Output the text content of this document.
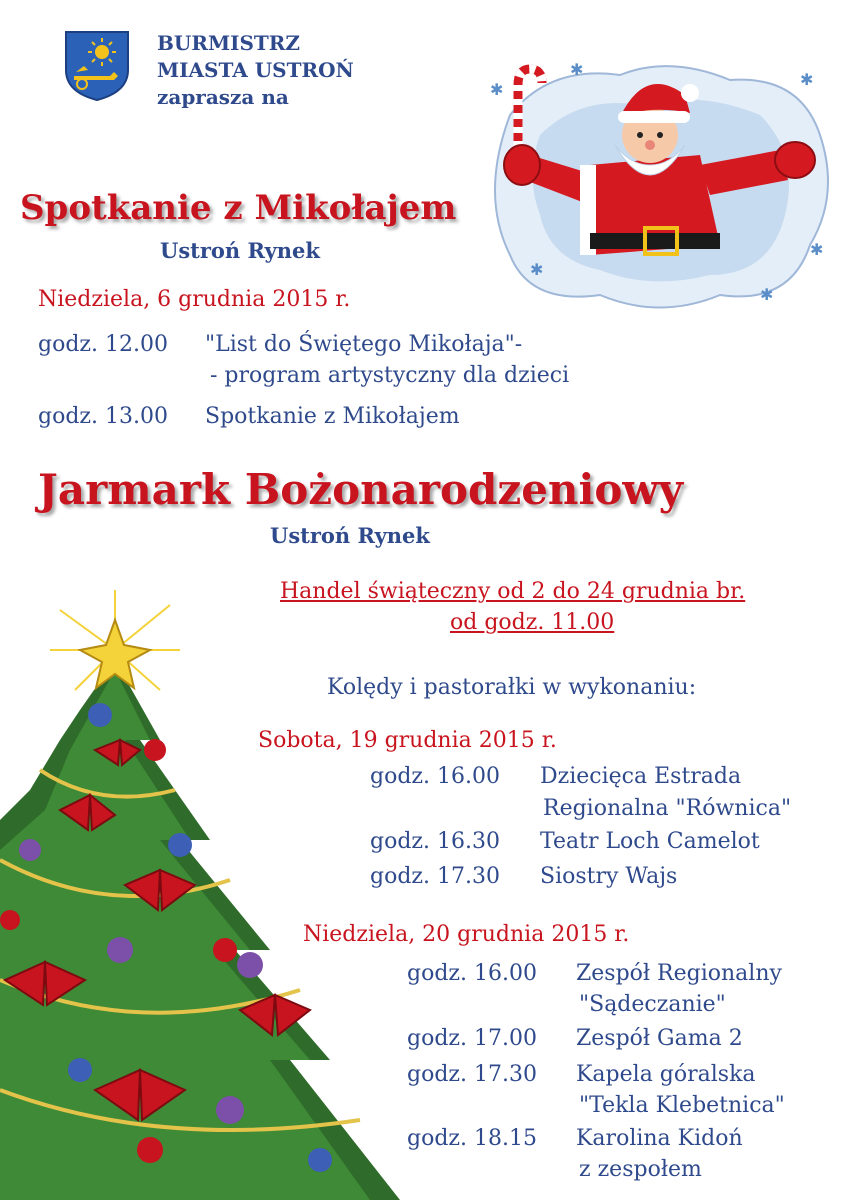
BURMISTRZ
MIASTA USTROŃ
zaprasza na	✱
✱
✱
✱
✱
✱
Spotkanie z Mikołajem
Ustroń Rynek
Niedziela, 6 grudnia 2015 r.
godz. 12.00 "List do Świętego Mikołaja"-
- program artystyczny dla dzieci
godz. 13.00 Spotkanie z Mikołajem
Jarmark Bożonarodzeniowy
Ustroń Rynek
Handel świąteczny od 2 do 24 grudnia br.
od godz. 11.00
Kolędy i pastorałki w wykonaniu:
Sobota, 19 grudnia 2015 r.
godz. 16.00 Dziecięca Estrada
Regionalna "Równica"
godz. 16.30 Teatr Loch Camelot
godz. 17.30 Siostry Wajs
Niedziela, 20 grudnia 2015 r.
godz. 16.00 Zespół Regionalny
"Sądeczanie"
godz. 17.00 Zespół Gama 2
godz. 17.30 Kapela góralska
"Tekla Klebetnica"
godz. 18.15 Karolina Kidoń
z zespołem
